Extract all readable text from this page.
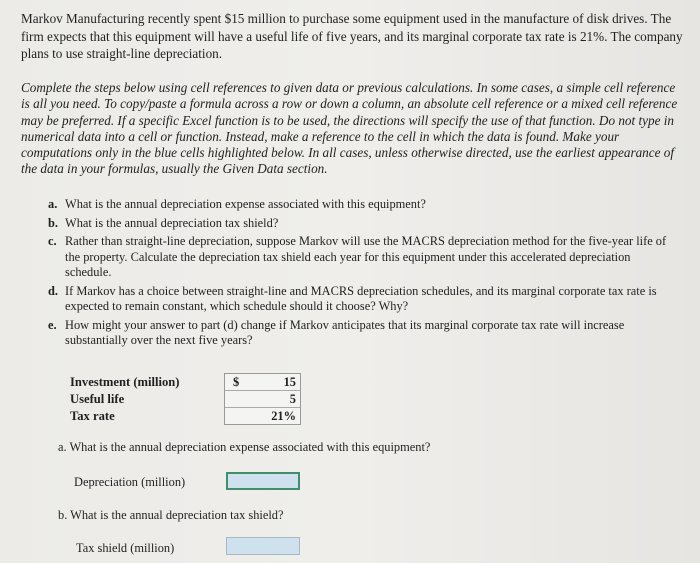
Markov Manufacturing recently spent $15 million to purchase some equipment used in the manufacture of disk drives. The firm expects that this equipment will have a useful life of five years, and its marginal corporate tax rate is 21%. The company plans to use straight-line depreciation.

Complete the steps below using cell references to given data or previous calculations. In some cases, a simple cell reference is all you need. To copy/paste a formula across a row or down a column, an absolute cell reference or a mixed cell reference may be preferred. If a specific Excel function is to be used, the directions will specify the use of that function. Do not type in numerical data into a cell or function. Instead, make a reference to the cell in which the data is found. Make your computations only in the blue cells highlighted below. In all cases, unless otherwise directed, use the earliest appearance of the data in your formulas, usually the Given Data section.

a. What is the annual depreciation expense associated with this equipment?
b. What is the annual depreciation tax shield?
c. Rather than straight-line depreciation, suppose Markov will use the MACRS depreciation method for the five-year life of the property. Calculate the depreciation tax shield each year for this equipment under this accelerated depreciation schedule.
d. If Markov has a choice between straight-line and MACRS depreciation schedules, and its marginal corporate tax rate is expected to remain constant, which schedule should it choose? Why?
e. How might your answer to part (d) change if Markov anticipates that its marginal corporate tax rate will increase substantially over the next five years?
Investment (million)
Useful life
Tax rate
$	15
5
21%
a. What is the annual depreciation expense associated with this equipment?
Depreciation (million)
b. What is the annual depreciation tax shield?
Tax shield (million)
